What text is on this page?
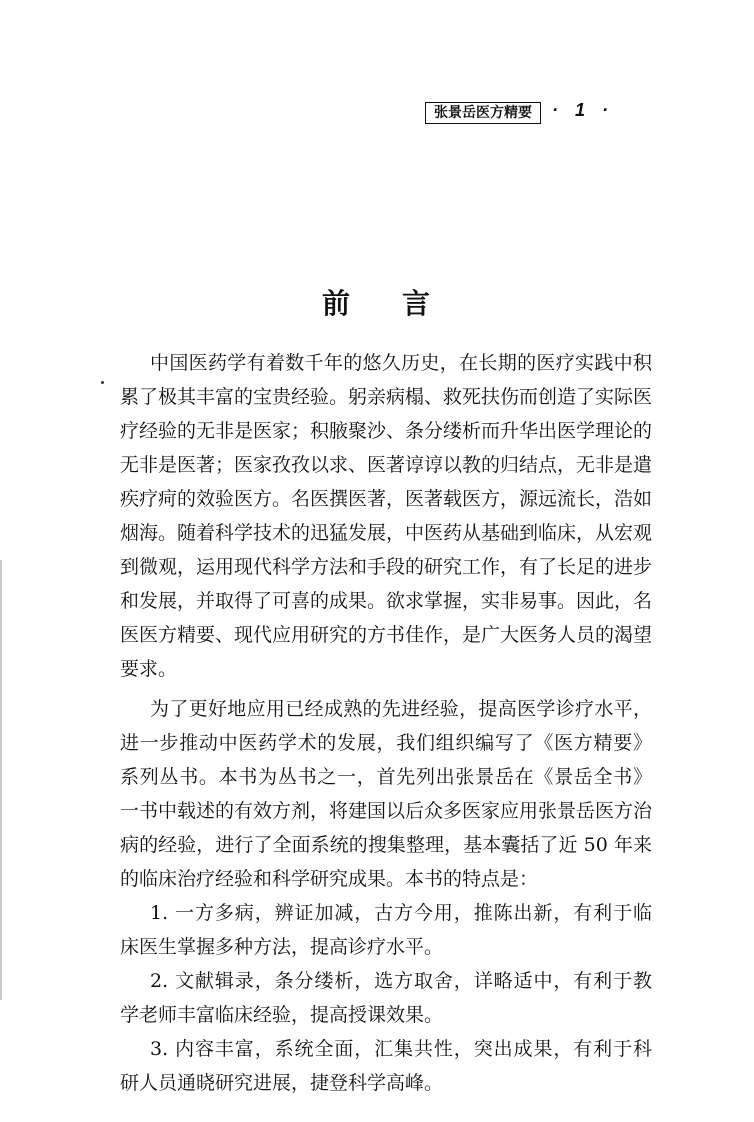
张景岳医方精要	· 1 ·
前 言
中国医药学有着数千年的悠久历史，在长期的医疗实践中积
累了极其丰富的宝贵经验。躬亲病榻、救死扶伤而创造了实际医
疗经验的无非是医家；积腋聚沙、条分缕析而升华出医学理论的
无非是医著；医家孜孜以求、医著谆谆以教的归结点，无非是遣
疾疗疴的效验医方。名医撰医著，医著载医方，源远流长，浩如
烟海。随着科学技术的迅猛发展，中医药从基础到临床，从宏观
到微观，运用现代科学方法和手段的研究工作，有了长足的进步
和发展，并取得了可喜的成果。欲求掌握，实非易事。因此，名
医医方精要、现代应用研究的方书佳作，是广大医务人员的渴望
要求。
为了更好地应用已经成熟的先进经验，提高医学诊疗水平，
进一步推动中医药学术的发展，我们组织编写了《医方精要》
系列丛书。本书为丛书之一，首先列出张景岳在《景岳全书》
一书中载述的有效方剂，将建国以后众多医家应用张景岳医方治
病的经验，进行了全面系统的搜集整理，基本囊括了近 50 年来
的临床治疗经验和科学研究成果。本书的特点是：
1. 一方多病，辨证加减，古方今用，推陈出新，有利于临
床医生掌握多种方法，提高诊疗水平。
2. 文献辑录，条分缕析，选方取舍，详略适中，有利于教
学老师丰富临床经验，提高授课效果。
3. 内容丰富，系统全面，汇集共性，突出成果，有利于科
研人员通晓研究进展，捷登科学高峰。
